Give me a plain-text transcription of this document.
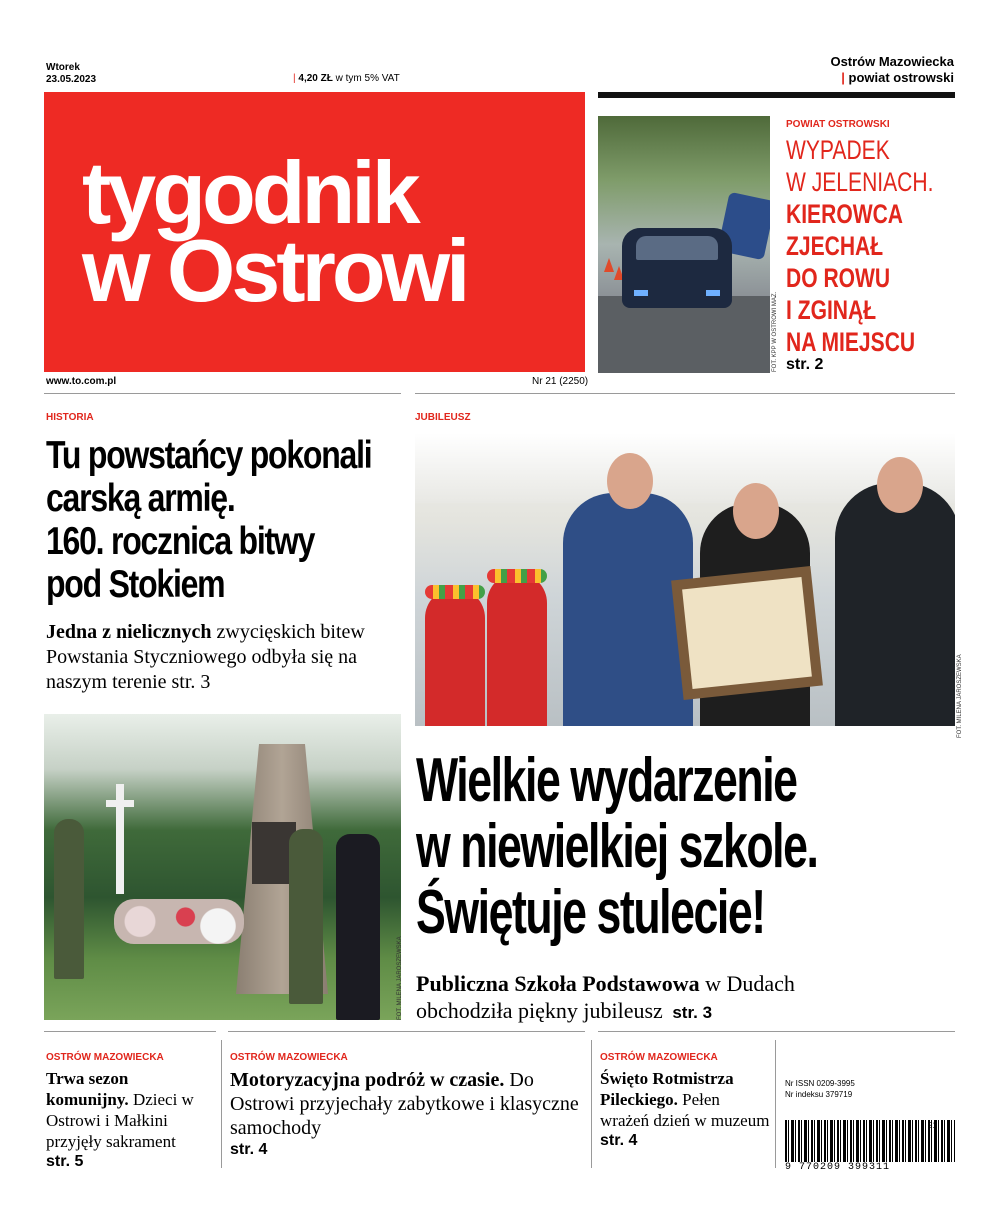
Wtorek
23.05.2023	| 4,20 ZŁ w tym 5% VAT
Ostrów Mazowiecka
| powiat ostrowski
tygodnik
w Ostrowi
www.to.com.pl	Nr 21 (2250)
FOT. KPP W OSTROWI MAZ.
POWIAT OSTROWSKI
WYPADEK
W JELENIACH.
KIEROWCA
ZJECHAŁ
DO ROWU
I ZGINĄŁ
NA MIEJSCU
str. 2
HISTORIA
Tu powstańcy pokonali
carską armię.
160. rocznica bitwy
pod Stokiem
Jedna z nielicznych zwycięskich bitew Powstania Styczniowego odbyła się na naszym terenie str. 3
FOT. MILENA JAROSZEWSKA
JUBILEUSZ
FOT. MILENA JAROSZEWSKA
Wielkie wydarzenie
w niewielkiej szkole.
Świętuje stulecie!
Publiczna Szkoła Podstawowa w Dudach obchodziła piękny jubileusz str. 3
OSTRÓW MAZOWIECKA
Trwa sezon komunijny. Dzieci w Ostrowi i Małkini przyjęły sakrament
str. 5
OSTRÓW MAZOWIECKA
Motoryzacyjna podróż w czasie. Do Ostrowi przyjechały zabytkowe i klasyczne samochody
str. 4
OSTRÓW MAZOWIECKA
Święto Rotmistrza Pileckiego. Pełen wrażeń dzień w muzeum
str. 4
Nr ISSN 0209-3995
Nr indeksu 379719
21
9 770209 399311
